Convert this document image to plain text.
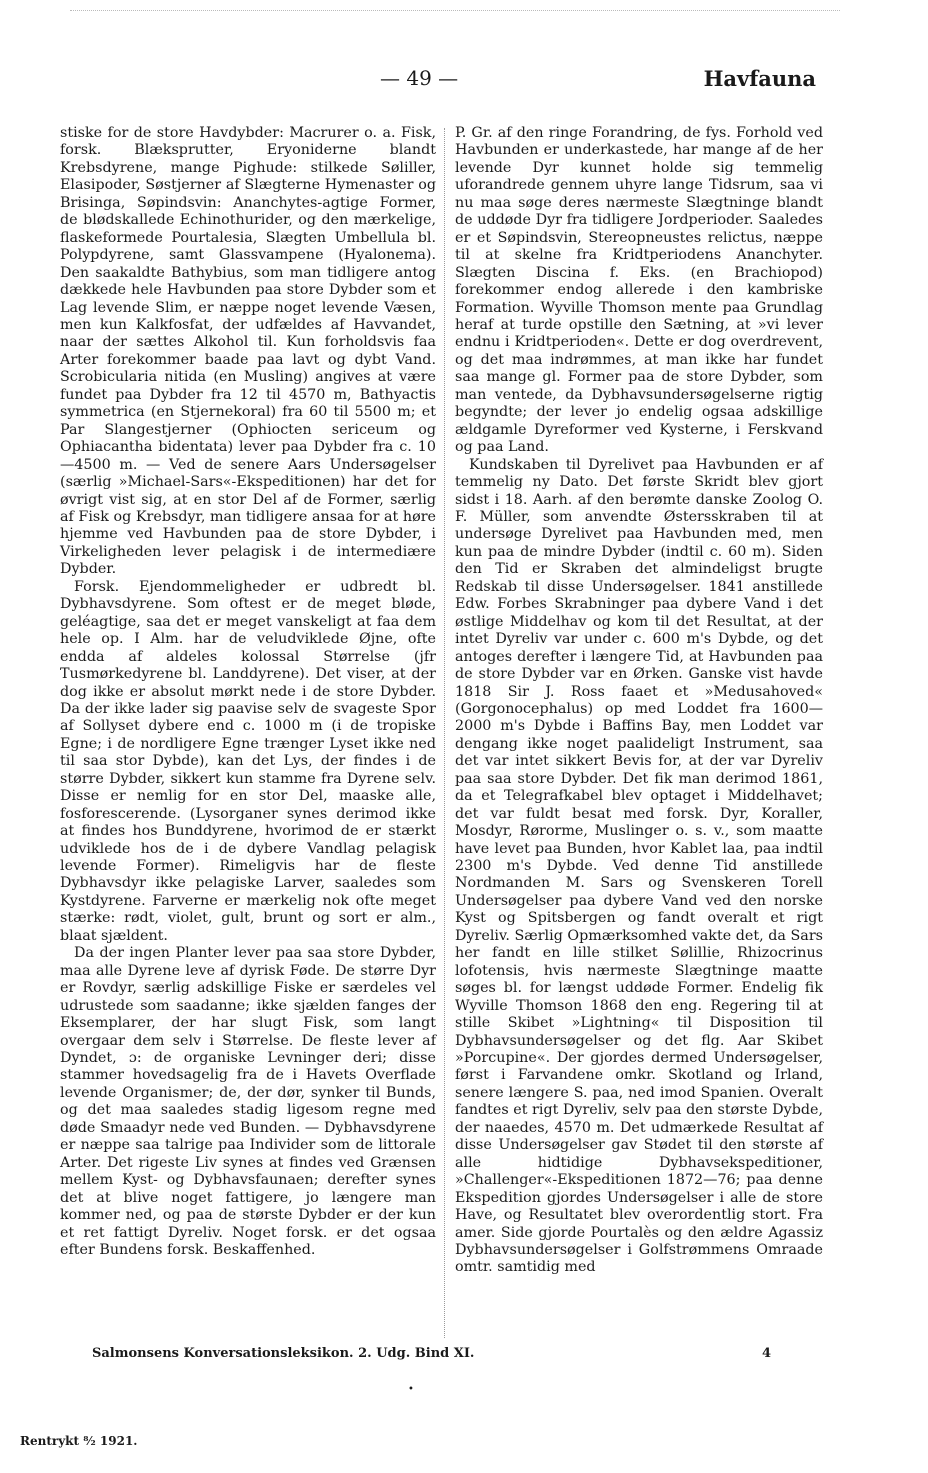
— 49 —	Havfauna

stiske for de store Havdybder: Macrurer o. a. Fisk, forsk. Blæksprutter, Eryoniderne blandt Krebsdyrene, mange Pighude: stilkede Søliller, Elasipoder, Søstjerner af Slægterne Hymenaster og Brisinga, Søpindsvin: Ananchytes-agtige Former, de blødskallede Echinothurider, og den mærkelige, flaskeformede Pourtalesia, Slægten Umbellula bl. Polypdyrene, samt Glassvampene (Hyalonema). Den saakaldte Bathybius, som man tidligere antog dækkede hele Havbunden paa store Dybder som et Lag levende Slim, er næppe noget levende Væsen, men kun Kalkfosfat, der udfældes af Havvandet, naar der sættes Alkohol til. Kun forholdsvis faa Arter forekommer baade paa lavt og dybt Vand. Scrobicularia nitida (en Musling) angives at være fundet paa Dybder fra 12 til 4570 m, Bathyactis symmetrica (en Stjernekoral) fra 60 til 5500 m; et Par Slangestjerner (Ophiocten sericeum og Ophiacantha bidentata) lever paa Dybder fra c. 10—4500 m. — Ved de senere Aars Undersøgelser (særlig »Michael-Sars«-Ekspeditionen) har det for øvrigt vist sig, at en stor Del af de Former, særlig af Fisk og Krebsdyr, man tidligere ansaa for at høre hjemme ved Havbunden paa de store Dybder, i Virkeligheden lever pelagisk i de intermediære Dybder.

Forsk. Ejendommeligheder er udbredt bl. Dybhavsdyrene. Som oftest er de meget bløde, geléagtige, saa det er meget vanskeligt at faa dem hele op. I Alm. har de veludviklede Øjne, ofte endda af aldeles kolossal Størrelse (jfr Tusmørkedyrene bl. Landdyrene). Det viser, at der dog ikke er absolut mørkt nede i de store Dybder. Da der ikke lader sig paavise selv de svageste Spor af Sollyset dybere end c. 1000 m (i de tropiske Egne; i de nordligere Egne trænger Lyset ikke ned til saa stor Dybde), kan det Lys, der findes i de større Dybder, sikkert kun stamme fra Dyrene selv. Disse er nemlig for en stor Del, maaske alle, fosforescerende. (Lysorganer synes derimod ikke at findes hos Bunddyrene, hvorimod de er stærkt udviklede hos de i de dybere Vandlag pelagisk levende Former). Rimeligvis har de fleste Dybhavsdyr ikke pelagiske Larver, saaledes som Kystdyrene. Farverne er mærkelig nok ofte meget stærke: rødt, violet, gult, brunt og sort er alm., blaat sjældent.

Da der ingen Planter lever paa saa store Dybder, maa alle Dyrene leve af dyrisk Føde. De større Dyr er Rovdyr, særlig adskillige Fiske er særdeles vel udrustede som saadanne; ikke sjælden fanges der Eksemplarer, der har slugt Fisk, som langt overgaar dem selv i Størrelse. De fleste lever af Dyndet, ɔ: de organiske Levninger deri; disse stammer hovedsagelig fra de i Havets Overflade levende Organismer; de, der dør, synker til Bunds, og det maa saaledes stadig ligesom regne med døde Smaadyr nede ved Bunden. — Dybhavsdyrene er næppe saa talrige paa Individer som de littorale Arter. Det rigeste Liv synes at findes ved Grænsen mellem Kyst- og Dybhavsfaunaen; derefter synes det at blive noget fattigere, jo længere man kommer ned, og paa de største Dybder er der kun et ret fattigt Dyreliv. Noget forsk. er det ogsaa efter Bundens forsk. Beskaffenhed.

P. Gr. af den ringe Forandring, de fys. Forhold ved Havbunden er underkastede, har mange af de her levende Dyr kunnet holde sig temmelig uforandrede gennem uhyre lange Tidsrum, saa vi nu maa søge deres nærmeste Slægtninge blandt de uddøde Dyr fra tidligere Jordperioder. Saaledes er et Søpindsvin, Stereopneustes relictus, næppe til at skelne fra Kridtperiodens Ananchyter. Slægten Discina f. Eks. (en Brachiopod) forekommer endog allerede i den kambriske Formation. Wyville Thomson mente paa Grundlag heraf at turde opstille den Sætning, at »vi lever endnu i Kridtperioden«. Dette er dog overdrevent, og det maa indrømmes, at man ikke har fundet saa mange gl. Former paa de store Dybder, som man ventede, da Dybhavsundersøgelserne rigtig begyndte; der lever jo endelig ogsaa adskillige ældgamle Dyreformer ved Kysterne, i Ferskvand og paa Land.

Kundskaben til Dyrelivet paa Havbunden er af temmelig ny Dato. Det første Skridt blev gjort sidst i 18. Aarh. af den berømte danske Zoolog O. F. Müller, som anvendte Østersskraben til at undersøge Dyrelivet paa Havbunden med, men kun paa de mindre Dybder (indtil c. 60 m). Siden den Tid er Skraben det almindeligst brugte Redskab til disse Undersøgelser. 1841 anstillede Edw. Forbes Skrabninger paa dybere Vand i det østlige Middelhav og kom til det Resultat, at der intet Dyreliv var under c. 600 m's Dybde, og det antoges derefter i længere Tid, at Havbunden paa de store Dybder var en Ørken. Ganske vist havde 1818 Sir J. Ross faaet et »Medusahoved« (Gorgonocephalus) op med Loddet fra 1600—2000 m's Dybde i Baffins Bay, men Loddet var dengang ikke noget paalideligt Instrument, saa det var intet sikkert Bevis for, at der var Dyreliv paa saa store Dybder. Det fik man derimod 1861, da et Telegrafkabel blev optaget i Middelhavet; det var fuldt besat med forsk. Dyr, Koraller, Mosdyr, Rørorme, Muslinger o. s. v., som maatte have levet paa Bunden, hvor Kablet laa, paa indtil 2300 m's Dybde. Ved denne Tid anstillede Nordmanden M. Sars og Svenskeren Torell Undersøgelser paa dybere Vand ved den norske Kyst og Spitsbergen og fandt overalt et rigt Dyreliv. Særlig Opmærksomhed vakte det, da Sars her fandt en lille stilket Sølillie, Rhizocrinus lofotensis, hvis nærmeste Slægtninge maatte søges bl. for længst uddøde Former. Endelig fik Wyville Thomson 1868 den eng. Regering til at stille Skibet »Lightning« til Disposition til Dybhavsundersøgelser og det flg. Aar Skibet »Porcupine«. Der gjordes dermed Undersøgelser, først i Farvandene omkr. Skotland og Irland, senere længere S. paa, ned imod Spanien. Overalt fandtes et rigt Dyreliv, selv paa den største Dybde, der naaedes, 4570 m. Det udmærkede Resultat af disse Undersøgelser gav Stødet til den største af alle hidtidige Dybhavsekspeditioner, »Challenger«-Ekspeditionen 1872—76; paa denne Ekspedition gjordes Undersøgelser i alle de store Have, og Resultatet blev overordentlig stort. Fra amer. Side gjorde Pourtalès og den ældre Agassiz Dybhavsundersøgelser i Golfstrømmens Omraade omtr. samtidig med

Salmonsens Konversationsleksikon. 2. Udg. Bind XI.	4
•
Rentrykt ⁸⁄₂ 1921.
